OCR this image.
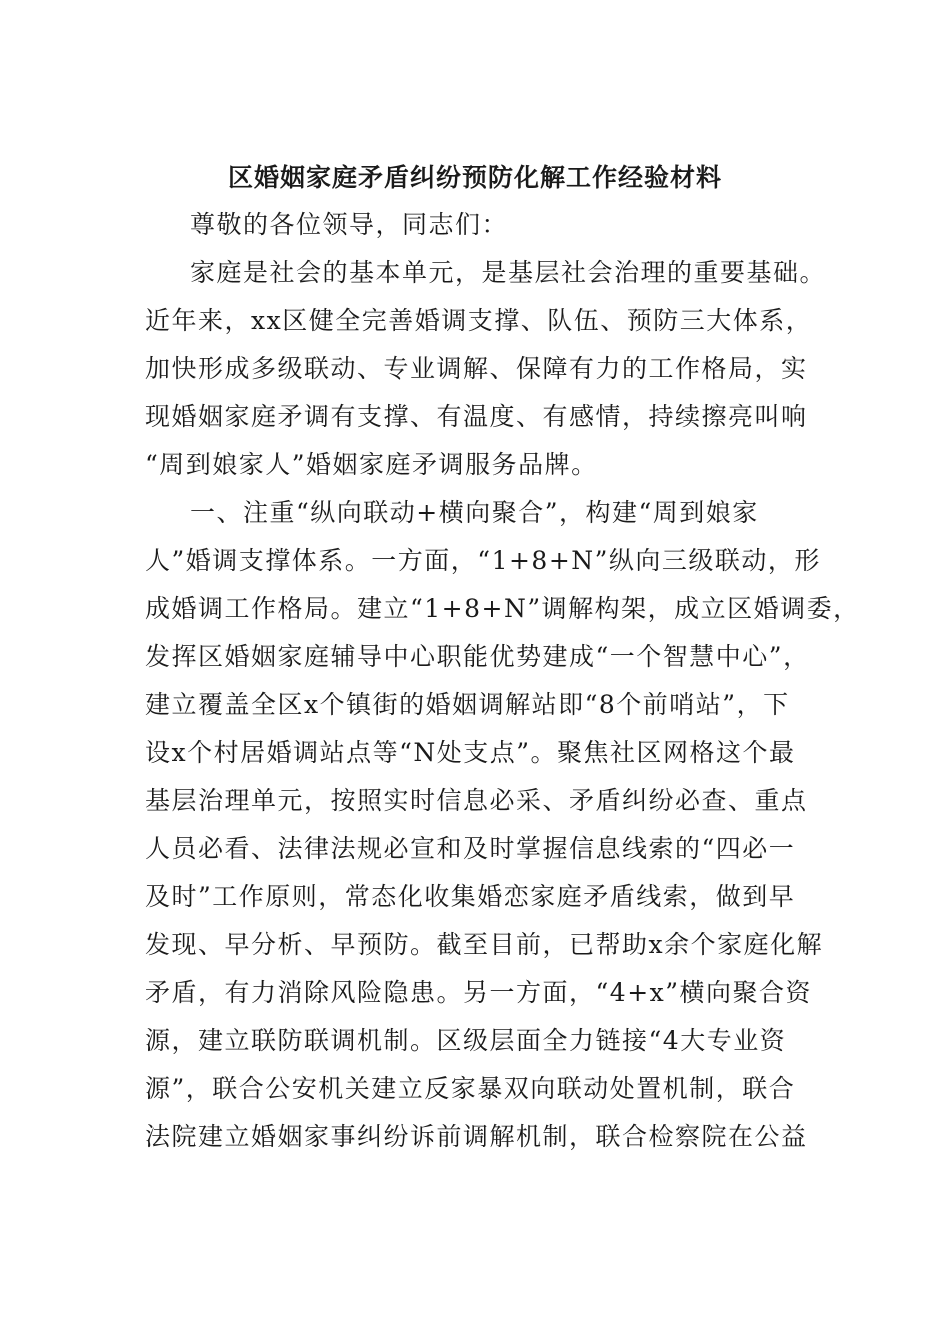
区婚姻家庭矛盾纠纷预防化解工作经验材料
尊敬的各位领导，同志们：
家庭是社会的基本单元，是基层社会治理的重要基础。
近年来，xx区健全完善婚调支撑、队伍、预防三大体系，
加快形成多级联动、专业调解、保障有力的工作格局，实
现婚姻家庭矛调有支撑、有温度、有感情，持续擦亮叫响
“周到娘家人”婚姻家庭矛调服务品牌。
一、注重“纵向联动+横向聚合”，构建“周到娘家
人”婚调支撑体系。一方面，“1+8+N”纵向三级联动，形
成婚调工作格局。建立“1+8+N”调解构架，成立区婚调委，
发挥区婚姻家庭辅导中心职能优势建成“一个智慧中心”，
建立覆盖全区x个镇街的婚姻调解站即“8个前哨站”，下
设x个村居婚调站点等“N处支点”。聚焦社区网格这个最
基层治理单元，按照实时信息必采、矛盾纠纷必查、重点
人员必看、法律法规必宣和及时掌握信息线索的“四必一
及时”工作原则，常态化收集婚恋家庭矛盾线索，做到早
发现、早分析、早预防。截至目前，已帮助x余个家庭化解
矛盾，有力消除风险隐患。另一方面，“4+x”横向聚合资
源，建立联防联调机制。区级层面全力链接“4大专业资
源”，联合公安机关建立反家暴双向联动处置机制，联合
法院建立婚姻家事纠纷诉前调解机制，联合检察院在公益
